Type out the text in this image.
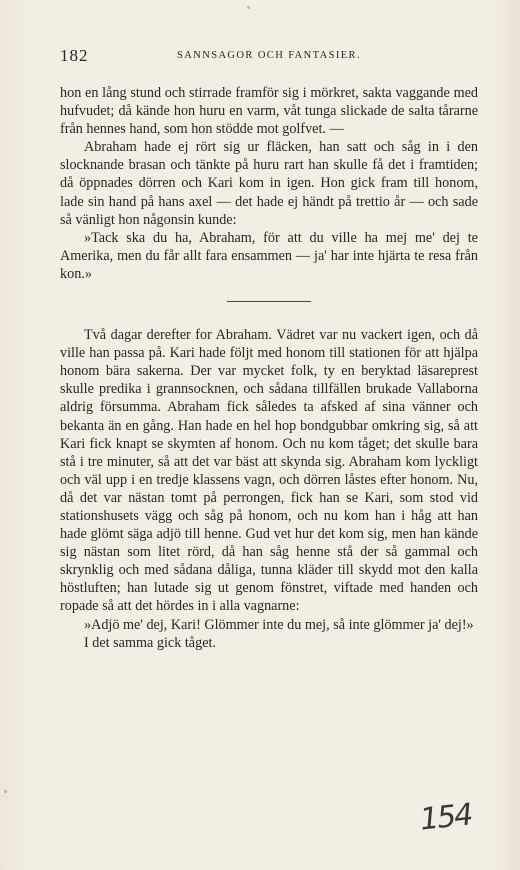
182	SANNSAGOR OCH FANTASIER.

hon en lång stund och stirrade framför sig i mörkret, sakta vaggande med hufvudet; då kände hon huru en varm, våt tunga slickade de salta tårarne från hennes hand, som hon stödde mot golfvet. —

Abraham hade ej rört sig ur fläcken, han satt och såg in i den slocknande brasan och tänkte på huru rart han skulle få det i framtiden; då öppnades dörren och Kari kom in igen. Hon gick fram till honom, lade sin hand på hans axel — det hade ej händt på trettio år — och sade så vänligt hon någonsin kunde:

»Tack ska du ha, Abraham, för att du ville ha mej me' dej te Amerika, men du får allt fara ensammen — ja' har inte hjärta te resa från kon.»

Två dagar derefter for Abraham. Vädret var nu vackert igen, och då ville han passa på. Kari hade följt med honom till stationen för att hjälpa honom bära sakerna. Der var mycket folk, ty en beryktad läsareprest skulle predika i grannsocknen, och sådana tillfällen brukade Vallaborna aldrig försumma. Abraham fick således ta afsked af sina vänner och bekanta än en gång. Han hade en hel hop bondgubbar omkring sig, så att Kari fick knapt se skymten af honom. Och nu kom tåget; det skulle bara stå i tre minuter, så att det var bäst att skynda sig. Abraham kom lyckligt och väl upp i en tredje klassens vagn, och dörren låstes efter honom. Nu, då det var nästan tomt på perrongen, fick han se Kari, som stod vid stationshusets vägg och såg på honom, och nu kom han i håg att han hade glömt säga adjö till henne. Gud vet hur det kom sig, men han kände sig nästan som litet rörd, då han såg henne stå der så gammal och skrynklig och med sådana dåliga, tunna kläder till skydd mot den kalla höstluften; han lutade sig ut genom fönstret, viftade med handen och ropade så att det hördes in i alla vagnarne:

»Adjö me' dej, Kari! Glömmer inte du mej, så inte glömmer ja' dej!»

I det samma gick tåget.

154
